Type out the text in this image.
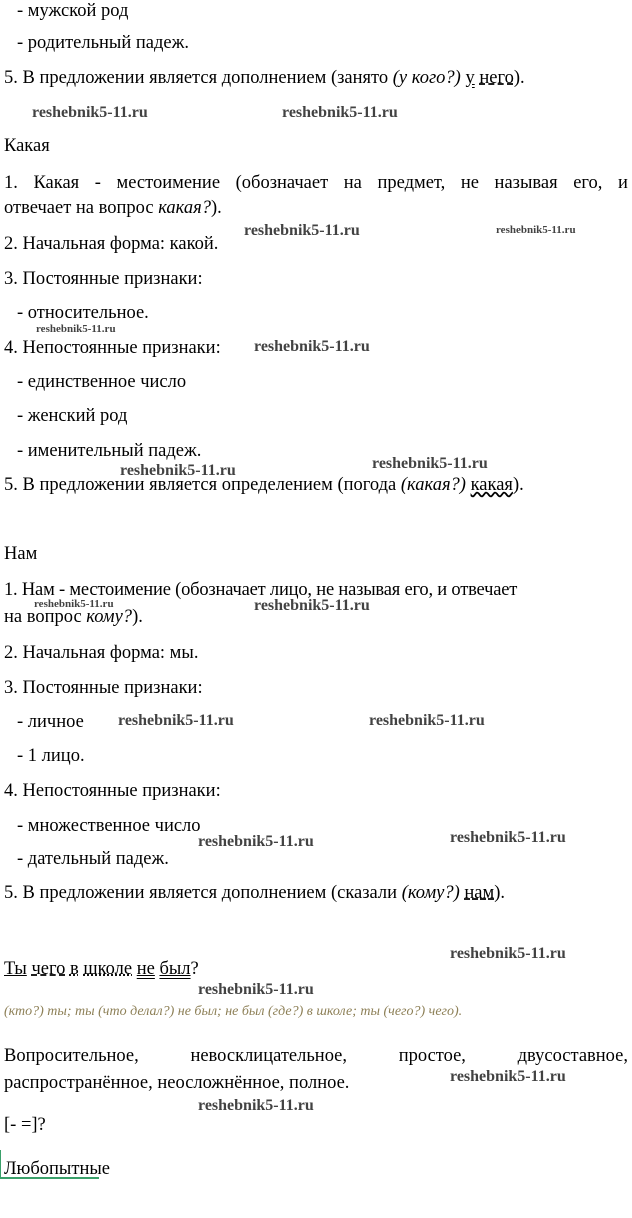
- мужской род
- родительный падеж.
5. В предложении является дополнением (занято (у кого?) у него).
reshebnik5-11.ru	reshebnik5-11.ru
Какая
1. Какая - местоимение (обозначает на предмет, не называя его, и
отвечает на вопрос какая?).
2. Начальная форма: какой.
reshebnik5-11.ru	reshebnik5-11.ru
3. Постоянные признаки:
- относительное.
reshebnik5-11.ru
4. Непостоянные признаки: reshebnik5-11.ru
- единственное число
- женский род
- именительный падеж.
reshebnik5-11.ru	reshebnik5-11.ru
5. В предложении является определением (погода (какая?) какая).
Нам
1. Нам - местоимение (обозначает лицо, не называя его, и отвечает
reshebnik5-11.ru	reshebnik5-11.ru
на вопрос кому?).
2. Начальная форма: мы.
3. Постоянные признаки:
- личное reshebnik5-11.ru	reshebnik5-11.ru
- 1 лицо.
4. Непостоянные признаки:
- множественное число
reshebnik5-11.ru	reshebnik5-11.ru
- дательный падеж.
5. В предложении является дополнением (сказали (кому?) нам).
reshebnik5-11.ru
Ты чего в школе не был?
reshebnik5-11.ru
(кто?) ты; ты (что делал?) не был; не был (где?) в школе; ты (чего?) чего).
Вопросительное,	невосклицательное,	простое,	двусоставное,
распространённое, неосложнённое, полное.	reshebnik5-11.ru
reshebnik5-11.ru
[- =]?
Любопытные
